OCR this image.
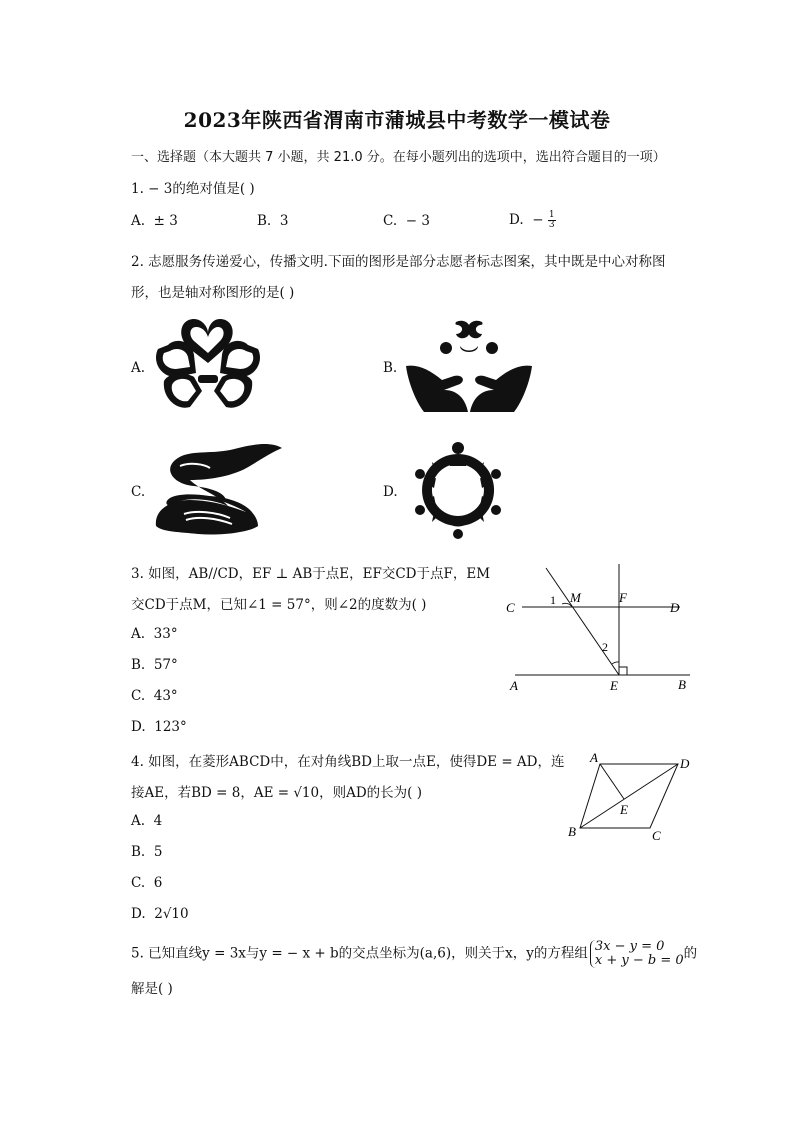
2023年陕西省渭南市蒲城县中考数学一模试卷
一、选择题（本大题共 7 小题，共 21.0 分。在每小题列出的选项中，选出符合题目的一项）
1. − 3的绝对值是( )
A. ± 3	B. 3	C. − 3	D. − $\frac{1}{3}$
2. 志愿服务传递爱心，传播文明.下面的图形是部分志愿者标志图案，其中既是中心对称图
形，也是轴对称图形的是( )
A.	B.
C.	D.
3. 如图，AB//CD，EF ⊥ AB于点E，EF交CD于点F，EM
交CD于点M，已知∠1 = 57°，则∠2的度数为( )
A. 33°
B. 57°
C. 43°
D. 123°
C	D
M	F
1
2
A	E	B
4. 如图，在菱形ABCD中，在对角线BD上取一点E，使得DE = AD，连
接AE，若BD = 8，AE = √10，则AD的长为( )
A. 4
B. 5
C. 6
D. 2√10
A	D
E
B	C
5. 已知直线y = 3x与y = − x + b的交点坐标为(a,6)，则关于x，y的方程组 3x − y = 0
x + y − b = 0 的
解是( )
